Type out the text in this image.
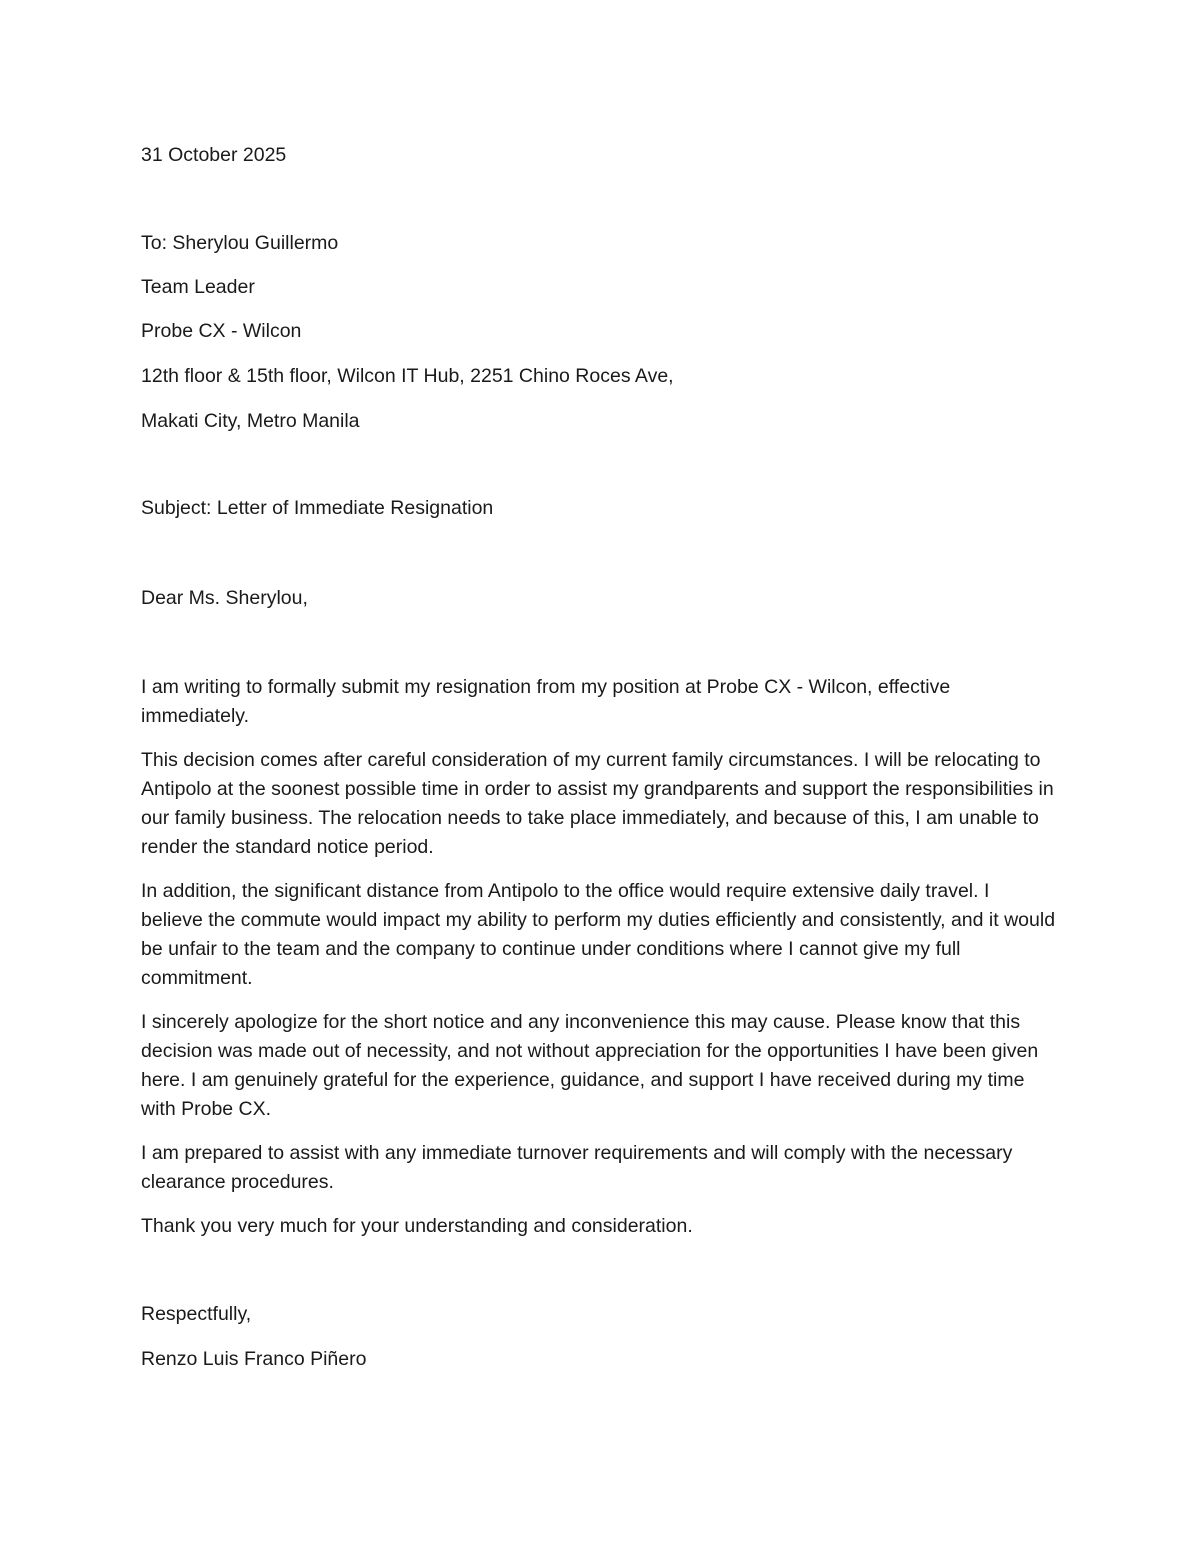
31 October 2025
To: Sherylou Guillermo
Team Leader
Probe CX - Wilcon
12th floor & 15th floor, Wilcon IT Hub, 2251 Chino Roces Ave,
Makati City, Metro Manila
Subject: Letter of Immediate Resignation
Dear Ms. Sherylou,
I am writing to formally submit my resignation from my position at Probe CX - Wilcon, effective immediately.
This decision comes after careful consideration of my current family circumstances. I will be relocating to Antipolo at the soonest possible time in order to assist my grandparents and support the responsibilities in our family business. The relocation needs to take place immediately, and because of this, I am unable to render the standard notice period.
In addition, the significant distance from Antipolo to the office would require extensive daily travel. I believe the commute would impact my ability to perform my duties efficiently and consistently, and it would be unfair to the team and the company to continue under conditions where I cannot give my full commitment.
I sincerely apologize for the short notice and any inconvenience this may cause. Please know that this decision was made out of necessity, and not without appreciation for the opportunities I have been given here. I am genuinely grateful for the experience, guidance, and support I have received during my time with Probe CX.
I am prepared to assist with any immediate turnover requirements and will comply with the necessary clearance procedures.
Thank you very much for your understanding and consideration.
Respectfully,
Renzo Luis Franco Piñero
